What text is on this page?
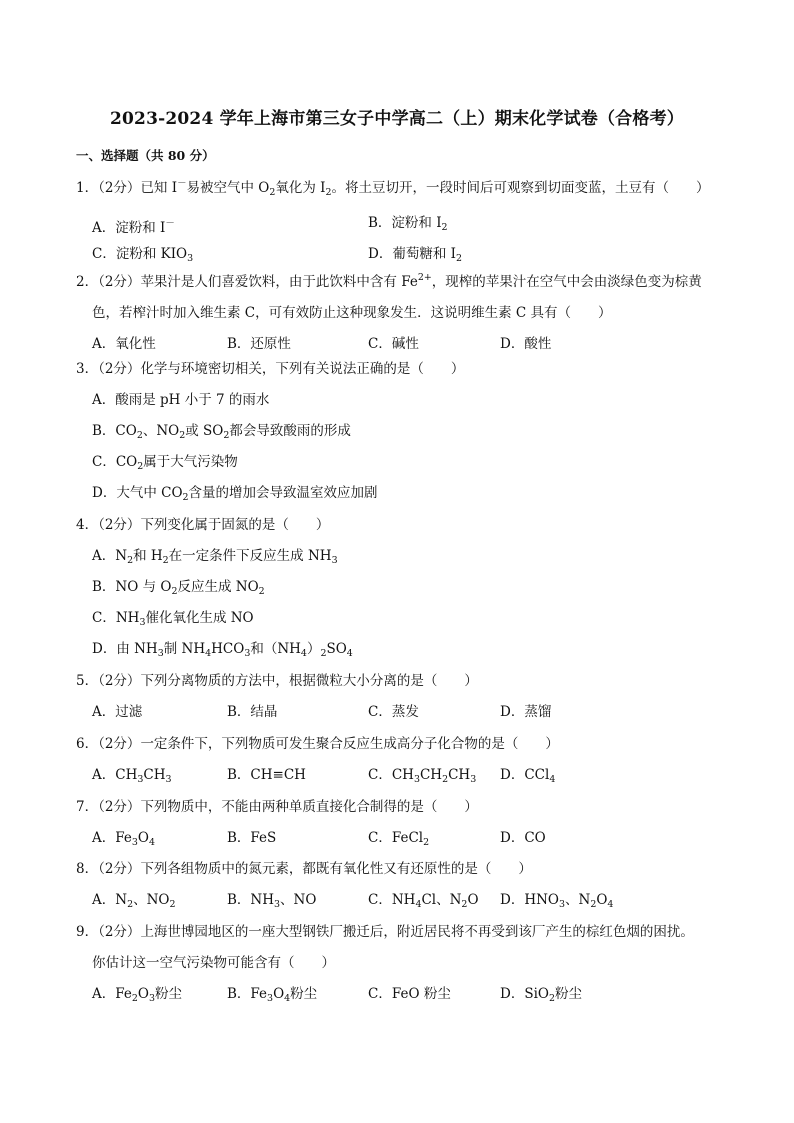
2023-2024 学年上海市第三女子中学高二（上）期末化学试卷（合格考）
一、选择题（共 80 分）
1．（2分）已知 I－易被空气中 $O_2$氧化为 $I_2$。将土豆切开，一段时间后可观察到切面变蓝，土豆有（　　）
A．淀粉和 I－	B．淀粉和 $I_2$
C．淀粉和 $KIO_3$	D．葡萄糖和 $I_2$
2．（2分）苹果汁是人们喜爱饮料，由于此饮料中含有 $Fe^{2+}$，现榨的苹果汁在空气中会由淡绿色变为棕黄
色，若榨汁时加入维生素 C，可有效防止这种现象发生．这说明维生素 C 具有（　　）
A．氧化性	B．还原性	C．碱性	D．酸性
3．（2分）化学与环境密切相关，下列有关说法正确的是（　　）
A．酸雨是 pH 小于 7 的雨水
B．$CO_2$、$NO_2$或 $SO_2$都会导致酸雨的形成
C．$CO_2$属于大气污染物
D．大气中 $CO_2$含量的增加会导致温室效应加剧
4．（2分）下列变化属于固氮的是（　　）
A．$N_2$和 $H_2$在一定条件下反应生成 $NH_3$
B．NO 与 $O_2$反应生成 $NO_2$
C．$NH_3$催化氧化生成 NO
D．由 $NH_3$制 $NH_4HCO_3$和$(NH_4)_2SO_4$
5．（2分）下列分离物质的方法中，根据微粒大小分离的是（　　）
A．过滤	B．结晶	C．蒸发	D．蒸馏
6．（2分）一定条件下，下列物质可发生聚合反应生成高分子化合物的是（　　）
A．$CH_3CH_3$	B．CH≡CH	C．$CH_3CH_2CH_3$ D．CCl$_4$
7．（2分）下列物质中，不能由两种单质直接化合制得的是（　　）
A．$Fe_3O_4$	B．FeS	C．FeCl$_2$	D．CO
8．（2分）下列各组物质中的氮元素，都既有氧化性又有还原性的是（　　）
A．$N_2$、$NO_2$	B．$NH_3$、NO	C．$NH_4Cl$、$N_2O$ D．$HNO_3$、$N_2O_4$
9．（2分）上海世博园地区的一座大型钢铁厂搬迁后，附近居民将不再受到该厂产生的棕红色烟的困扰。
你估计这一空气污染物可能含有（　　）
A．$Fe_2O_3$粉尘	B．$Fe_3O_4$粉尘	C．FeO 粉尘	D．SiO$_2$粉尘
